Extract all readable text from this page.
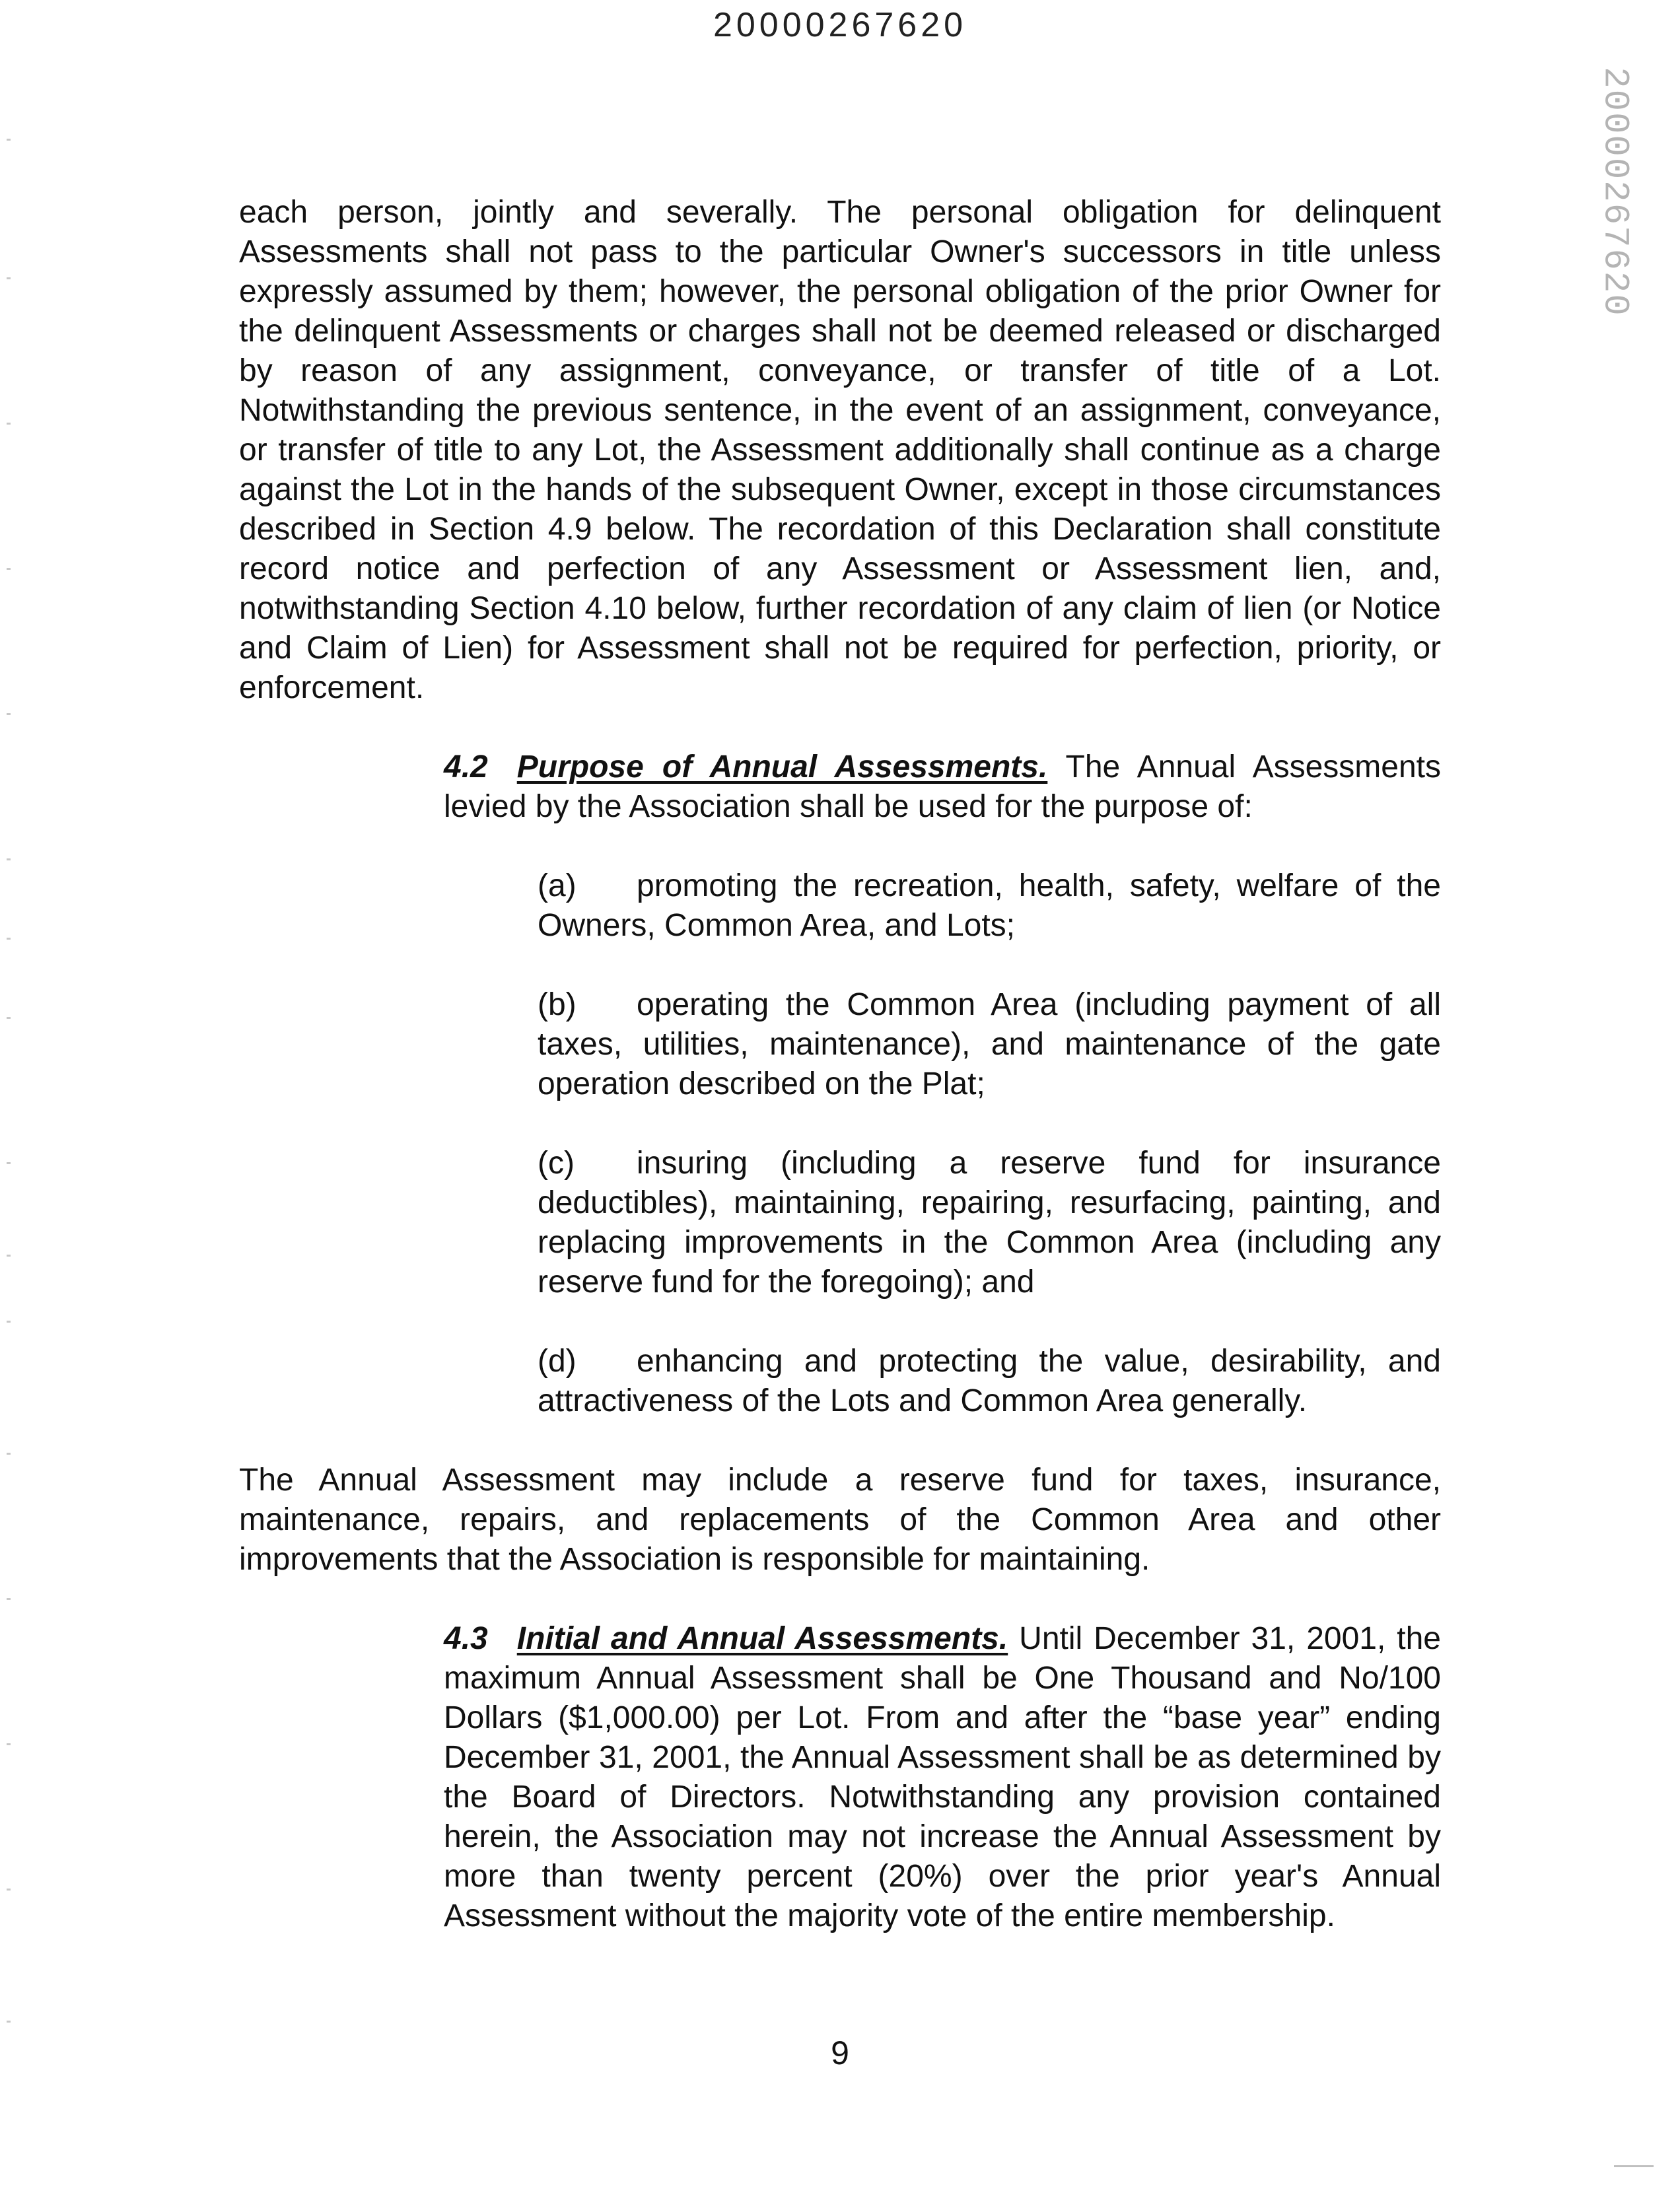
20000267620
20000267620

each person, jointly and severally. The personal obligation for delinquent Assessments shall not pass to the particular Owner's successors in title unless expressly assumed by them; however, the personal obligation of the prior Owner for the delinquent Assessments or charges shall not be deemed released or discharged by reason of any assignment, conveyance, or transfer of title of a Lot. Notwithstanding the previous sentence, in the event of an assignment, conveyance, or transfer of title to any Lot, the Assessment additionally shall continue as a charge against the Lot in the hands of the subsequent Owner, except in those circumstances described in Section 4.9 below. The recordation of this Declaration shall constitute record notice and perfection of any Assessment or Assessment lien, and, notwithstanding Section 4.10 below, further recordation of any claim of lien (or Notice and Claim of Lien) for Assessment shall not be required for perfection, priority, or enforcement.

4.2 Purpose of Annual Assessments. The Annual Assessments levied by the Association shall be used for the purpose of:

(a) promoting the recreation, health, safety, welfare of the Owners, Common Area, and Lots;

(b) operating the Common Area (including payment of all taxes, utilities, maintenance), and maintenance of the gate operation described on the Plat;

(c) insuring (including a reserve fund for insurance deductibles), maintaining, repairing, resurfacing, painting, and replacing improvements in the Common Area (including any reserve fund for the foregoing); and

(d) enhancing and protecting the value, desirability, and attractiveness of the Lots and Common Area generally.

The Annual Assessment may include a reserve fund for taxes, insurance, maintenance, repairs, and replacements of the Common Area and other improvements that the Association is responsible for maintaining.

4.3 Initial and Annual Assessments. Until December 31, 2001, the maximum Annual Assessment shall be One Thousand and No/100 Dollars ($1,000.00) per Lot. From and after the “base year” ending December 31, 2001, the Annual Assessment shall be as determined by the Board of Directors. Notwithstanding any provision contained herein, the Association may not increase the Annual Assessment by more than twenty percent (20%) over the prior year's Annual Assessment without the majority vote of the entire membership.

9
